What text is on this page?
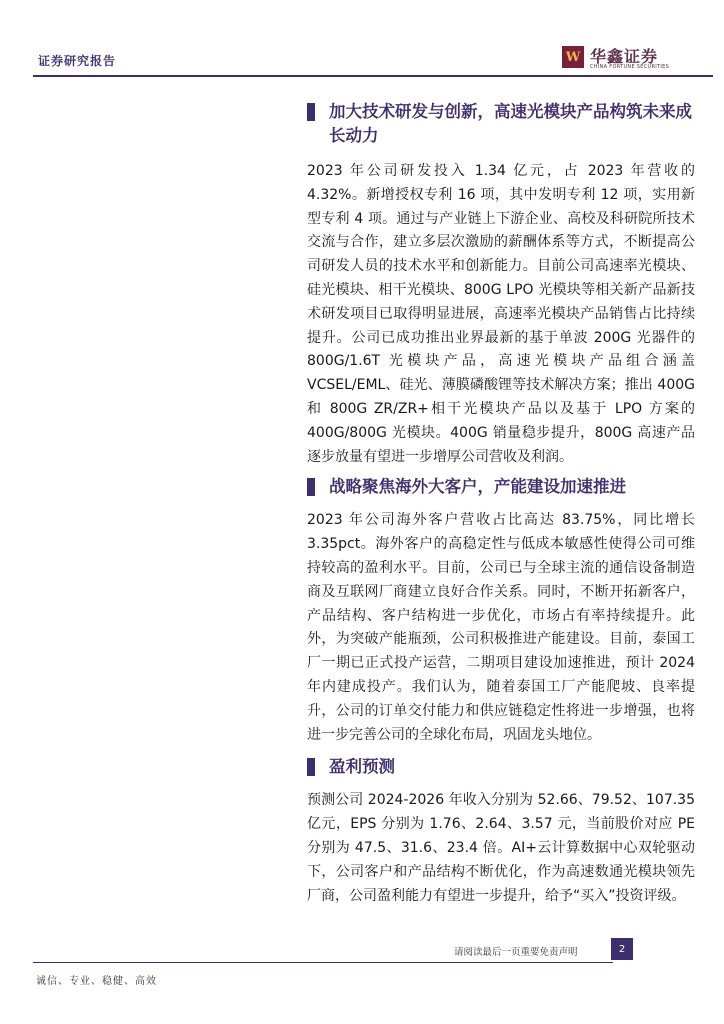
证券研究报告	W 华鑫证券
CHINA FORTUNE SECURITIES
加大技术研发与创新，高速光模块产品构筑未来成长动力

2023 年公司研发投入 1.34 亿元，占 2023 年营收的 4.32%。新增授权专利 16 项，其中发明专利 12 项，实用新型专利 4 项。通过与产业链上下游企业、高校及科研院所技术交流与合作，建立多层次激励的薪酬体系等方式，不断提高公司研发人员的技术水平和创新能力。目前公司高速率光模块、硅光模块、相干光模块、800G LPO 光模块等相关新产品新技术研发项目已取得明显进展，高速率光模块产品销售占比持续提升。公司已成功推出业界最新的基于单波 200G 光器件的 800G/1.6T 光模块产品，高速光模块产品组合涵盖 VCSEL/EML、硅光、薄膜磷酸锂等技术解决方案；推出 400G 和 800G ZR/ZR+相干光模块产品以及基于 LPO 方案的 400G/800G 光模块。400G 销量稳步提升，800G 高速产品逐步放量有望进一步增厚公司营收及利润。

战略聚焦海外大客户，产能建设加速推进

2023 年公司海外客户营收占比高达 83.75%，同比增长 3.35pct。海外客户的高稳定性与低成本敏感性使得公司可维持较高的盈利水平。目前，公司已与全球主流的通信设备制造商及互联网厂商建立良好合作关系。同时，不断开拓新客户，产品结构、客户结构进一步优化，市场占有率持续提升。此外，为突破产能瓶颈，公司积极推进产能建设。目前，泰国工厂一期已正式投产运营，二期项目建设加速推进，预计 2024 年内建成投产。我们认为，随着泰国工厂产能爬坡、良率提升，公司的订单交付能力和供应链稳定性将进一步增强，也将进一步完善公司的全球化布局，巩固龙头地位。

盈利预测

预测公司 2024-2026 年收入分别为 52.66、79.52、107.35 亿元，EPS 分别为 1.76、2.64、3.57 元，当前股价对应 PE 分别为 47.5、31.6、23.4 倍。AI+云计算数据中心双轮驱动下，公司客户和产品结构不断优化，作为高速数通光模块领先厂商，公司盈利能力有望进一步提升，给予“买入”投资评级。

请阅读最后一页重要免责声明	2
诚信、专业、稳健、高效
